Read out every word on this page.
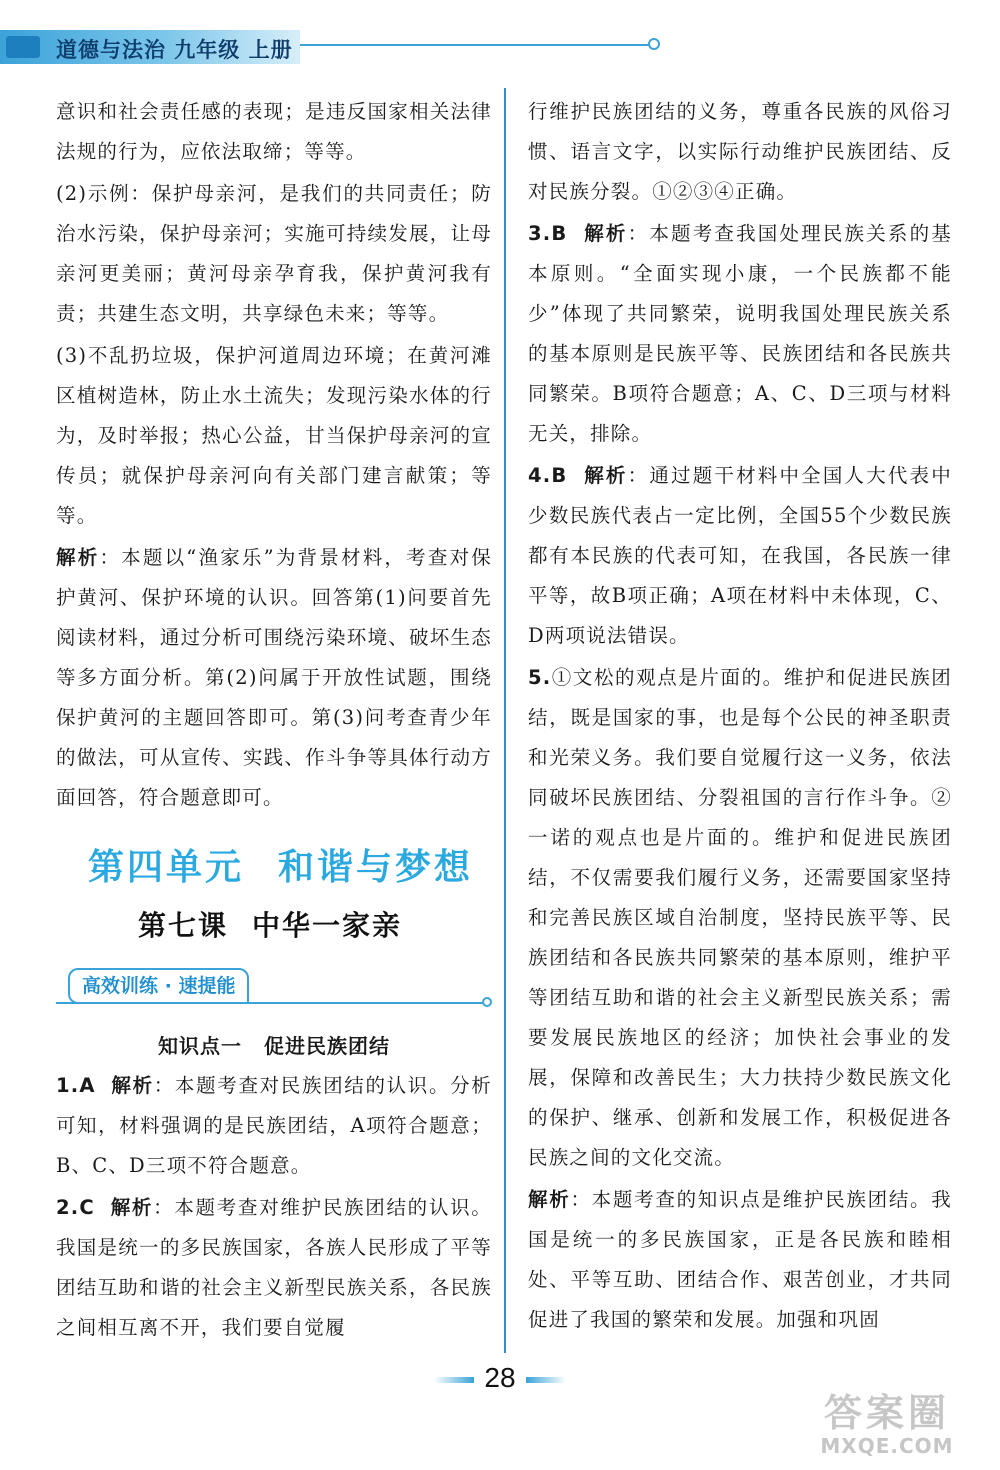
道德与法治 九年级 上册

意识和社会责任感的表现；是违反国家相关法律法规的行为，应依法取缔；等等。

(2)示例：保护母亲河，是我们的共同责任；防治水污染，保护母亲河；实施可持续发展，让母亲河更美丽；黄河母亲孕育我，保护黄河我有责；共建生态文明，共享绿色未来；等等。

(3)不乱扔垃圾，保护河道周边环境；在黄河滩区植树造林，防止水土流失；发现污染水体的行为，及时举报；热心公益，甘当保护母亲河的宣传员；就保护母亲河向有关部门建言献策；等等。

解析：本题以“渔家乐”为背景材料，考查对保护黄河、保护环境的认识。回答第(1)问要首先阅读材料，通过分析可围绕污染环境、破坏生态等多方面分析。第(2)问属于开放性试题，围绕保护黄河的主题回答即可。第(3)问考查青少年的做法，可从宣传、实践、作斗争等具体行动方面回答，符合题意即可。

第四单元 和谐与梦想
第七课 中华一家亲
高效训练 · 速提能
知识点一 促进民族团结

1.A 解析：本题考查对民族团结的认识。分析可知，材料强调的是民族团结，A项符合题意；B、C、D三项不符合题意。

2.C 解析：本题考查对维护民族团结的认识。我国是统一的多民族国家，各族人民形成了平等团结互助和谐的社会主义新型民族关系，各民族之间相互离不开，我们要自觉履

行维护民族团结的义务，尊重各民族的风俗习惯、语言文字，以实际行动维护民族团结、反对民族分裂。①②③④正确。

3.B 解析：本题考查我国处理民族关系的基本原则。“全面实现小康，一个民族都不能少”体现了共同繁荣，说明我国处理民族关系的基本原则是民族平等、民族团结和各民族共同繁荣。B项符合题意；A、C、D三项与材料无关，排除。

4.B 解析：通过题干材料中全国人大代表中少数民族代表占一定比例，全国55个少数民族都有本民族的代表可知，在我国，各民族一律平等，故B项正确；A项在材料中未体现，C、D两项说法错误。

5.①文松的观点是片面的。维护和促进民族团结，既是国家的事，也是每个公民的神圣职责和光荣义务。我们要自觉履行这一义务，依法同破坏民族团结、分裂祖国的言行作斗争。②一诺的观点也是片面的。维护和促进民族团结，不仅需要我们履行义务，还需要国家坚持和完善民族区域自治制度，坚持民族平等、民族团结和各民族共同繁荣的基本原则，维护平等团结互助和谐的社会主义新型民族关系；需要发展民族地区的经济；加快社会事业的发展，保障和改善民生；大力扶持少数民族文化的保护、继承、创新和发展工作，积极促进各民族之间的文化交流。

解析：本题考查的知识点是维护民族团结。我国是统一的多民族国家，正是各民族和睦相处、平等互助、团结合作、艰苦创业，才共同促进了我国的繁荣和发展。加强和巩固

28
答案圈
MXQE.COM
